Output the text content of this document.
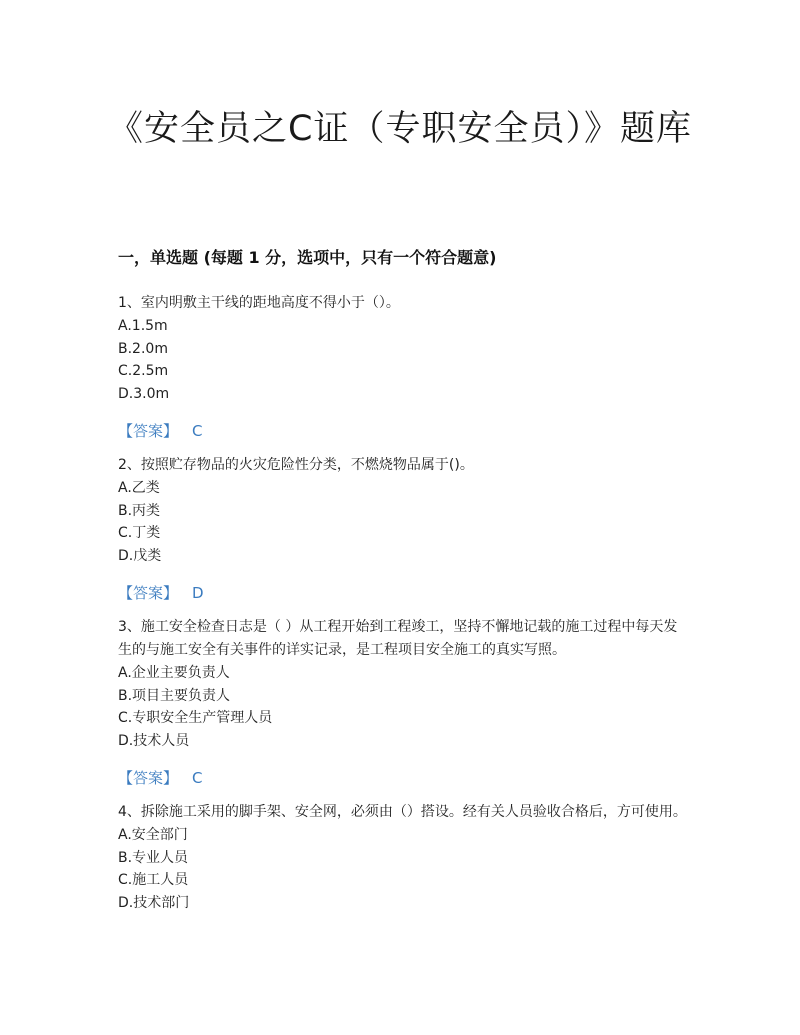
《安全员之C证（专职安全员）》题库
一，单选题 (每题 1 分，选项中，只有一个符合题意)
1、室内明敷主干线的距地高度不得小于（）。
A.1.5m
B.2.0m
C.2.5m
D.3.0m
【答案】 C
2、按照贮存物品的火灾危险性分类，不燃烧物品属于()。
A.乙类
B.丙类
C.丁类
D.戊类
【答案】 D
3、施工安全检查日志是（ ）从工程开始到工程竣工，坚持不懈地记载的施工过程中每天发生的与施工安全有关事件的详实记录，是工程项目安全施工的真实写照。
A.企业主要负责人
B.项目主要负责人
C.专职安全生产管理人员
D.技术人员
【答案】 C
4、拆除施工采用的脚手架、安全网，必须由（）搭设。经有关人员验收合格后，方可使用。
A.安全部门
B.专业人员
C.施工人员
D.技术部门
